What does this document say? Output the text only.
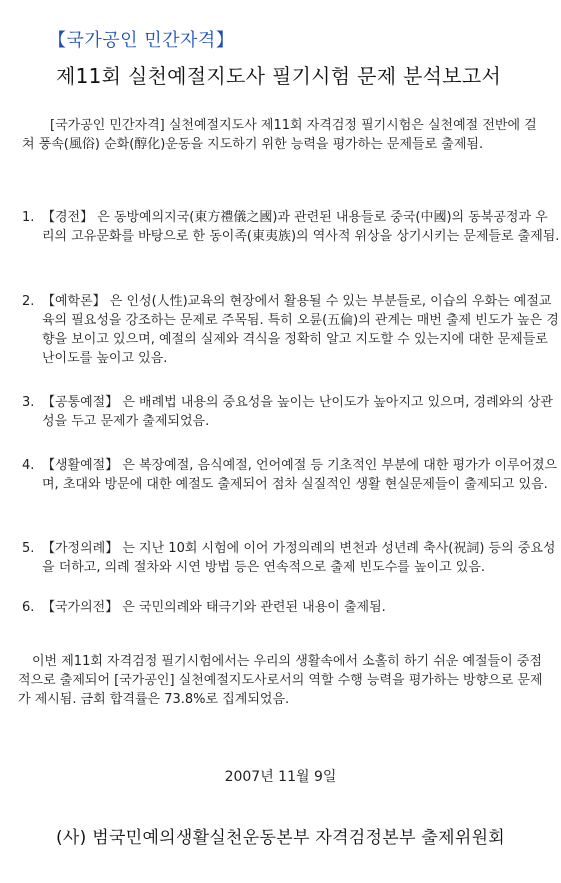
【국가공인 민간자격】
제11회 실천예절지도사 필기시험 문제 분석보고서
[국가공인 민간자격] 실천예절지도사 제11회 자격검정 필기시험은 실천예절 전반에 걸쳐 풍속(風俗) 순화(醇化)운동을 지도하기 위한 능력을 평가하는 문제들로 출제됨.
1. 【경전】 은 동방예의지국(東方禮儀之國)과 관련된 내용들로 중국(中國)의 동북공정과 우리의 고유문화를 바탕으로 한 동이족(東夷族)의 역사적 위상을 상기시키는 문제들로 출제됨.
2. 【예학론】 은 인성(人性)교육의 현장에서 활용될 수 있는 부분들로, 이습의 우화는 예절교육의 필요성을 강조하는 문제로 주목됨. 특히 오륜(五倫)의 관계는 매번 출제 빈도가 높은 경향을 보이고 있으며, 예절의 실제와 격식을 정확히 알고 지도할 수 있는지에 대한 문제들로 난이도를 높이고 있음.
3. 【공통예절】 은 배례법 내용의 중요성을 높이는 난이도가 높아지고 있으며, 경례와의 상관성을 두고 문제가 출제되었음.
4. 【생활예절】 은 복장예절, 음식예절, 언어예절 등 기초적인 부분에 대한 평가가 이루어졌으며, 초대와 방문에 대한 예절도 출제되어 점차 실질적인 생활 현실문제들이 출제되고 있음.
5. 【가정의례】 는 지난 10회 시험에 이어 가정의례의 변천과 성년례 축사(祝詞) 등의 중요성을 더하고, 의례 절차와 시연 방법 등은 연속적으로 출제 빈도수를 높이고 있음.
6. 【국가의전】 은 국민의례와 태극기와 관련된 내용이 출제됨.
이번 제11회 자격검정 필기시험에서는 우리의 생활속에서 소홀히 하기 쉬운 예절들이 중점적으로 출제되어 [국가공인] 실천예절지도사로서의 역할 수행 능력을 평가하는 방향으로 문제가 제시됨. 금회 합격률은 73.8%로 집계되었음.
2007년 11월 9일
(사) 범국민예의생활실천운동본부 자격검정본부 출제위원회
